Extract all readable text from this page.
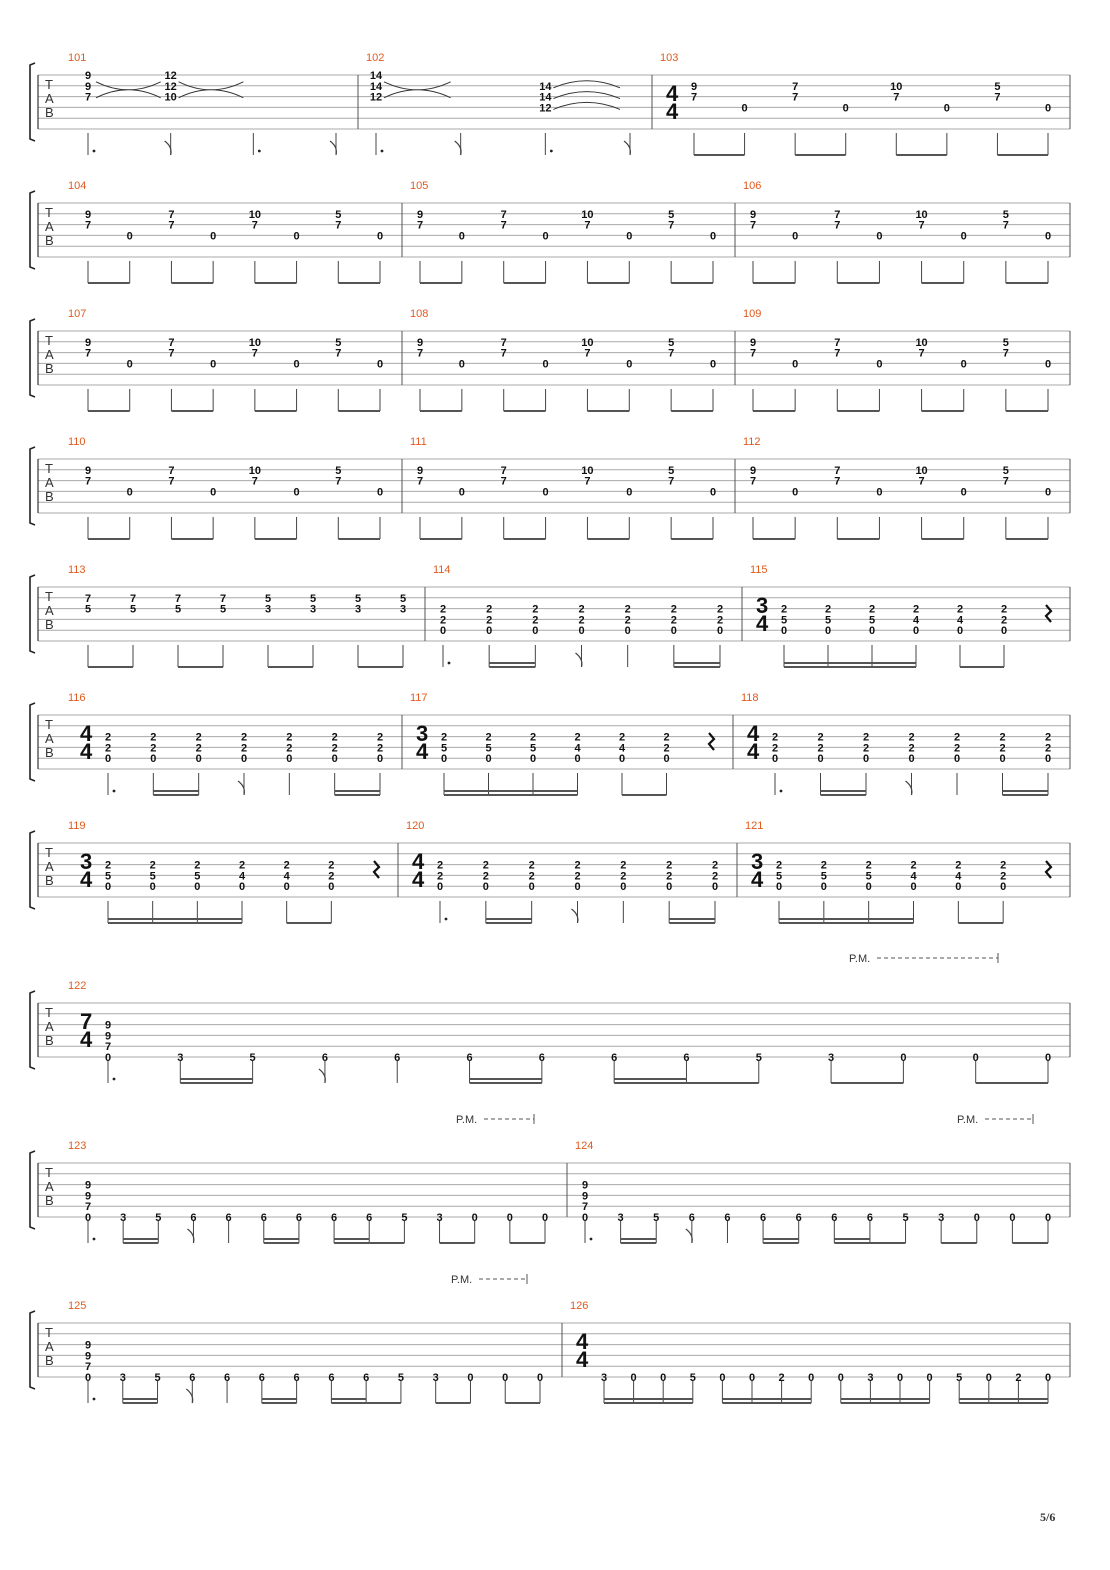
T
A
B
101
9
9
7
12
12
10
102
14
14
12
14
14
12
103
4
4
9
7
0
7
7
0
10
7
0
5
7
0
T
A
B
104
9
7
0
7
7
0
10
7
0
5
7
0
105
9
7
0
7
7
0
10
7
0
5
7
0
106
9
7
0
7
7
0
10
7
0
5
7
0
T
A
B
107
9
7
0
7
7
0
10
7
0
5
7
0
108
9
7
0
7
7
0
10
7
0
5
7
0
109
9
7
0
7
7
0
10
7
0
5
7
0
T
A
B
110
9
7
0
7
7
0
10
7
0
5
7
0
111
9
7
0
7
7
0
10
7
0
5
7
0
112
9
7
0
7
7
0
10
7
0
5
7
0
T
A
B
113
7
5
7
5
7
5
7
5
5
3
5
3
5
3
5
3
114
2
2
0
2
2
0
2
2
0
2
2
0
2
2
0
2
2
0
2
2
0
115
3
4
2
5
0
2
5
0
2
5
0
2
4
0
2
4
0
2
2
0
T
A
B
116
4
4
2
2
0
2
2
0
2
2
0
2
2
0
2
2
0
2
2
0
2
2
0
117
3
4
2
5
0
2
5
0
2
5
0
2
4
0
2
4
0
2
2
0
118
4
4
2
2
0
2
2
0
2
2
0
2
2
0
2
2
0
2
2
0
2
2
0
T
A
B
119
3
4
2
5
0
2
5
0
2
5
0
2
4
0
2
4
0
2
2
0
120
4
4
2
2
0
2
2
0
2
2
0
2
2
0
2
2
0
2
2
0
2
2
0
121
3
4
2
5
0
2
5
0
2
5
0
2
4
0
2
4
0
2
2
0
T
A
B
122
7
4
9
9
7
0	3	5	6	6	6	6	6	6	5	3	0	0	0
T
A
B
123
9
9
7
0	3	5	6	6	6	6	6	6	5	3	0	0	0
124
9
9
7
0	3	5	6	6	6	6	6	6	5	3	0	0	0
T
A
B
125
9
9
7
0	3	5	6	6	6	6	6	6	5	3	0	0	0
126
4
4
3 0 0 5 0 0 2 0 0 3 0 0 5 0 2 0
P.M.
P.M.	P.M.
P.M.
5/6
